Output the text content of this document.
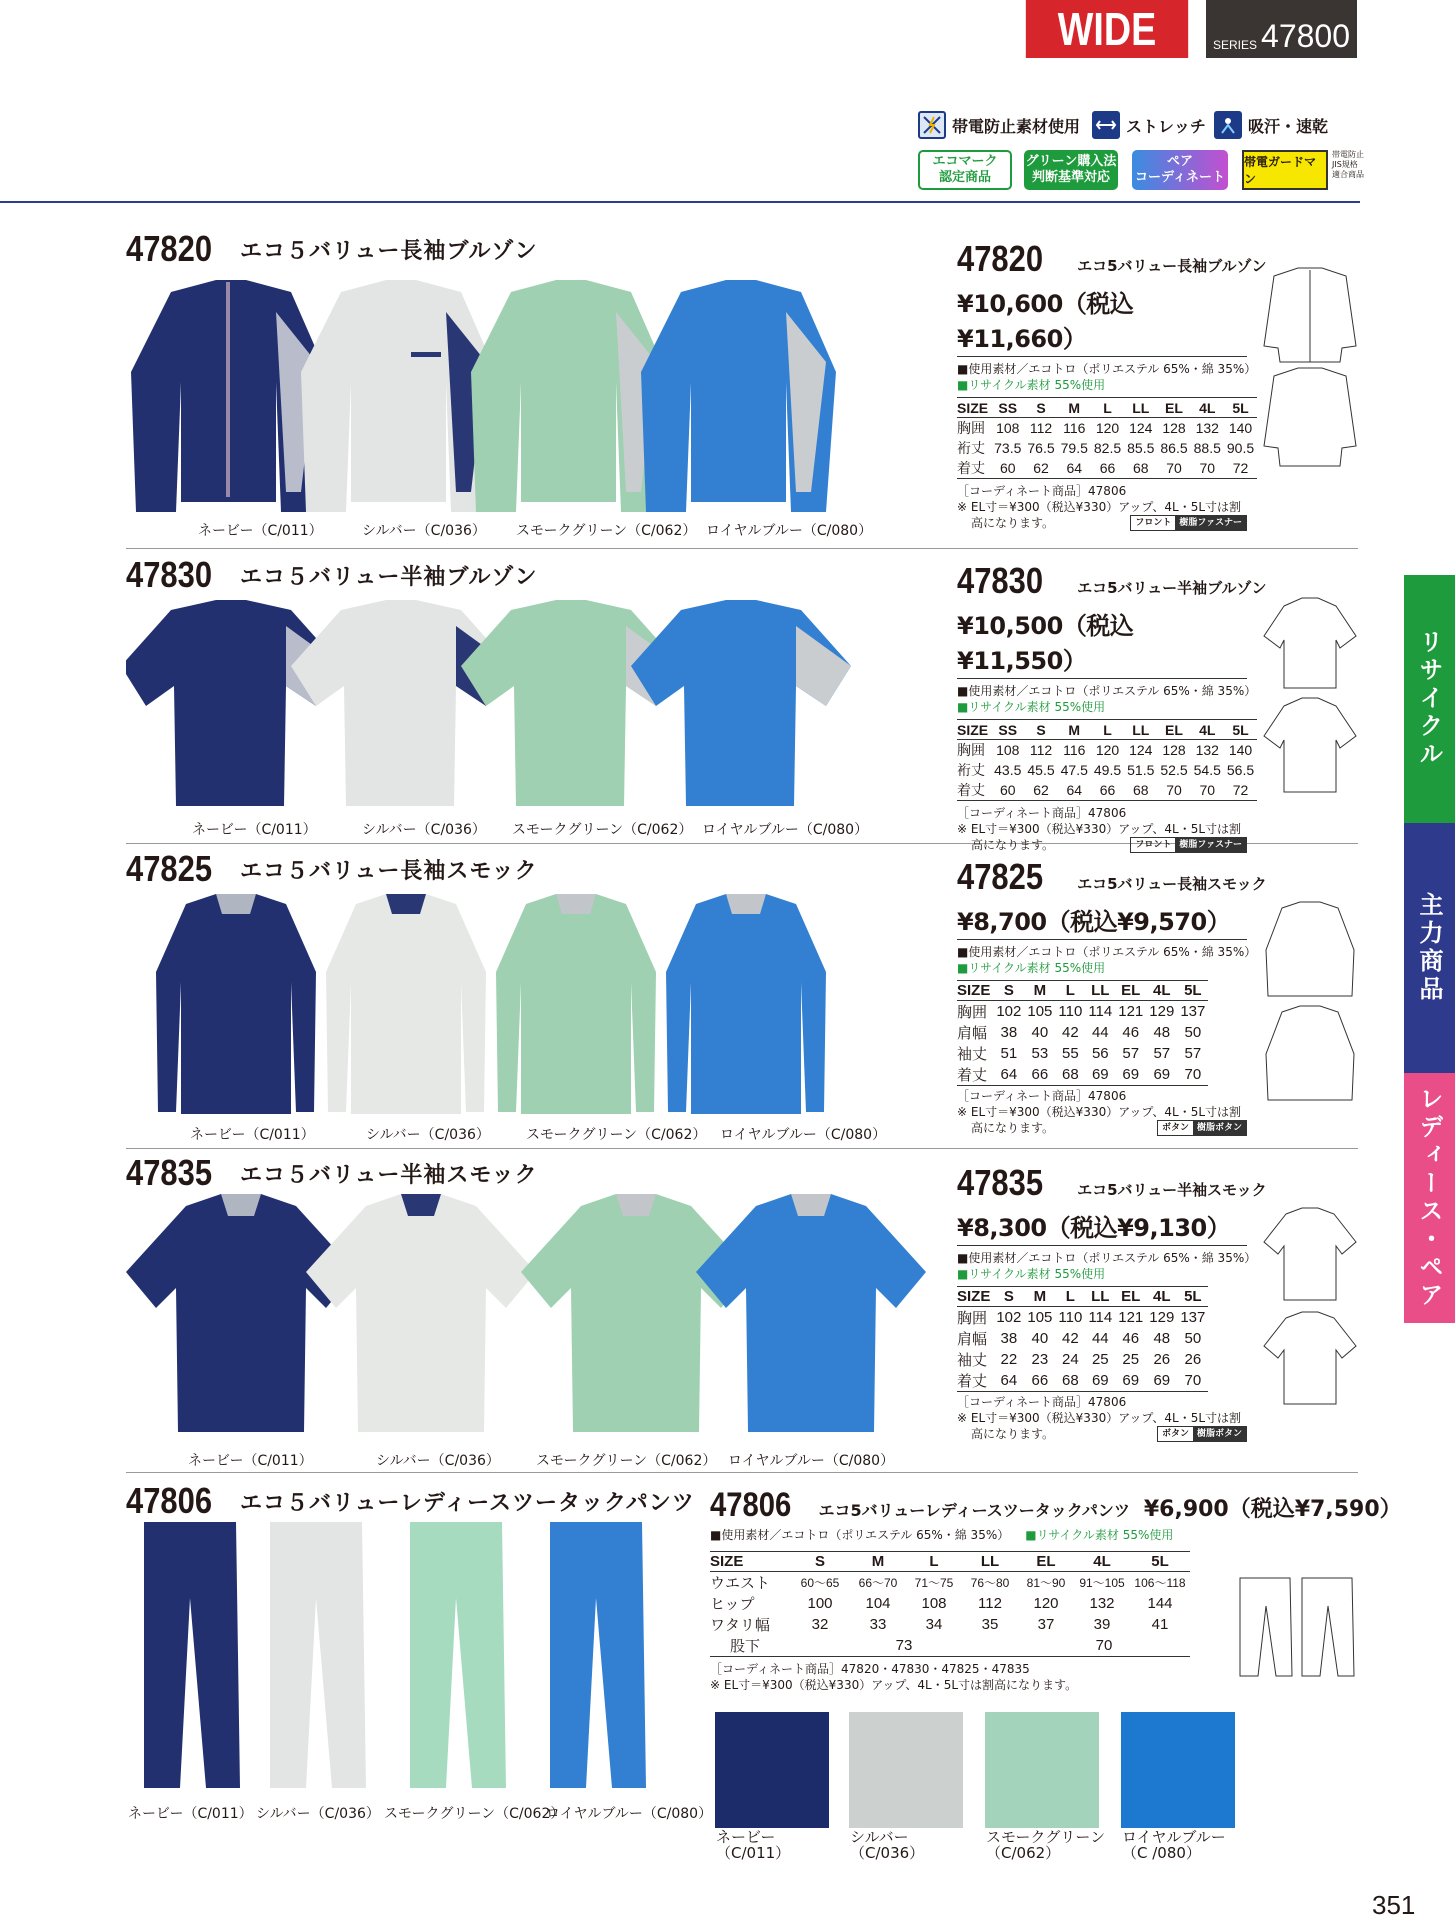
WIDE	SERIES 47800
帯電防止素材使用	ストレッチ	吸汗・速乾
エコマーク
認定商品
グリーン購入法
判断基準対応
ペア
コーディネート
帯電ガードマン
帯電防止
JIS規格
適合商品
リサイクル
主力商品
レディース・ペア
47820 エコ５バリュー長袖ブルゾン
ネービー（C/011）	シルバー（C/036） スモークグリーン（C/062） ロイヤルブルー（C/080）
47820 エコ5バリュー長袖ブルゾン
¥10,600（税込¥11,660）
■使用素材／エコトロ（ポリエステル 65%・綿 35%）
■リサイクル素材 55%使用
SIZE	SS	S	M	L	LL	EL	4L	5L
胸囲	108	112	116	120	124	128	132	140
裄丈	73.5	76.5	79.5	82.5	85.5	86.5	88.5	90.5
着丈	60	62	64	66	68	70	70	72
［コーディネート商品］47806
※ EL寸＝¥300（税込¥330）アップ、4L・5L寸は割
高になります。	フロント 樹脂ファスナー
47830 エコ５バリュー半袖ブルゾン
ネービー（C/011）	シルバー（C/036） スモークグリーン（C/062） ロイヤルブルー（C/080）
47830 エコ5バリュー半袖ブルゾン
¥10,500（税込¥11,550）
■使用素材／エコトロ（ポリエステル 65%・綿 35%）
■リサイクル素材 55%使用
SIZE	SS	S	M	L	LL	EL	4L	5L
胸囲	108	112	116	120	124	128	132	140
裄丈	43.5	45.5	47.5	49.5	51.5	52.5	54.5	56.5
着丈	60	62	64	66	68	70	70	72
［コーディネート商品］47806
※ EL寸＝¥300（税込¥330）アップ、4L・5L寸は割
高になります。	フロント 樹脂ファスナー
47825 エコ５バリュー長袖スモック
ネービー（C/011）	シルバー（C/036）	スモークグリーン（C/062） ロイヤルブルー（C/080）
47825 エコ5バリュー長袖スモック
¥8,700（税込¥9,570）
■使用素材／エコトロ（ポリエステル 65%・綿 35%）
■リサイクル素材 55%使用
SIZE	S	M	L	LL	EL	4L	5L
胸囲	102	105	110	114	121	129	137
肩幅	38	40	42	44	46	48	50
袖丈	51	53	55	56	57	57	57
着丈	64	66	68	69	69	69	70
［コーディネート商品］47806
※ EL寸＝¥300（税込¥330）アップ、4L・5L寸は割
高になります。	ボタン 樹脂ボタン
47835 エコ５バリュー半袖スモック
ネービー（C/011）	シルバー（C/036）	スモークグリーン（C/062） ロイヤルブルー（C/080）
47835 エコ5バリュー半袖スモック
¥8,300（税込¥9,130）
■使用素材／エコトロ（ポリエステル 65%・綿 35%）
■リサイクル素材 55%使用
SIZE	S	M	L	LL	EL	4L	5L
胸囲	102	105	110	114	121	129	137
肩幅	38	40	42	44	46	48	50
袖丈	22	23	24	25	25	26	26
着丈	64	66	68	69	69	69	70
［コーディネート商品］47806
※ EL寸＝¥300（税込¥330）アップ、4L・5L寸は割
高になります。	ボタン 樹脂ボタン
47806 エコ５バリューレディースツータックパンツ
ネービー（C/011） シルバー（C/036） スモークグリーン（C/062）
ロイヤルブルー（C/080）
47806 エコ5バリューレディースツータックパンツ ¥6,900（税込¥7,590）
■使用素材／エコトロ（ポリエステル 65%・綿 35%） ■リサイクル素材 55%使用
SIZE	S	M	L	LL	EL	4L	5L
ウエスト	60～65	66～70	71～75	76～80	81～90	91～105	106～118
ヒップ	100	104	108	112	120	132	144
ワタリ幅	32	33	34	35	37	39	41
股下	73				70		
［コーディネート商品］47820・47830・47825・47835
※ EL寸＝¥300（税込¥330）アップ、4L・5L寸は割高になります。
ネービー
（C/011）
シルバー
（C/036）
スモークグリーン
（C/062）
ロイヤルブルー
（C /080）
351
